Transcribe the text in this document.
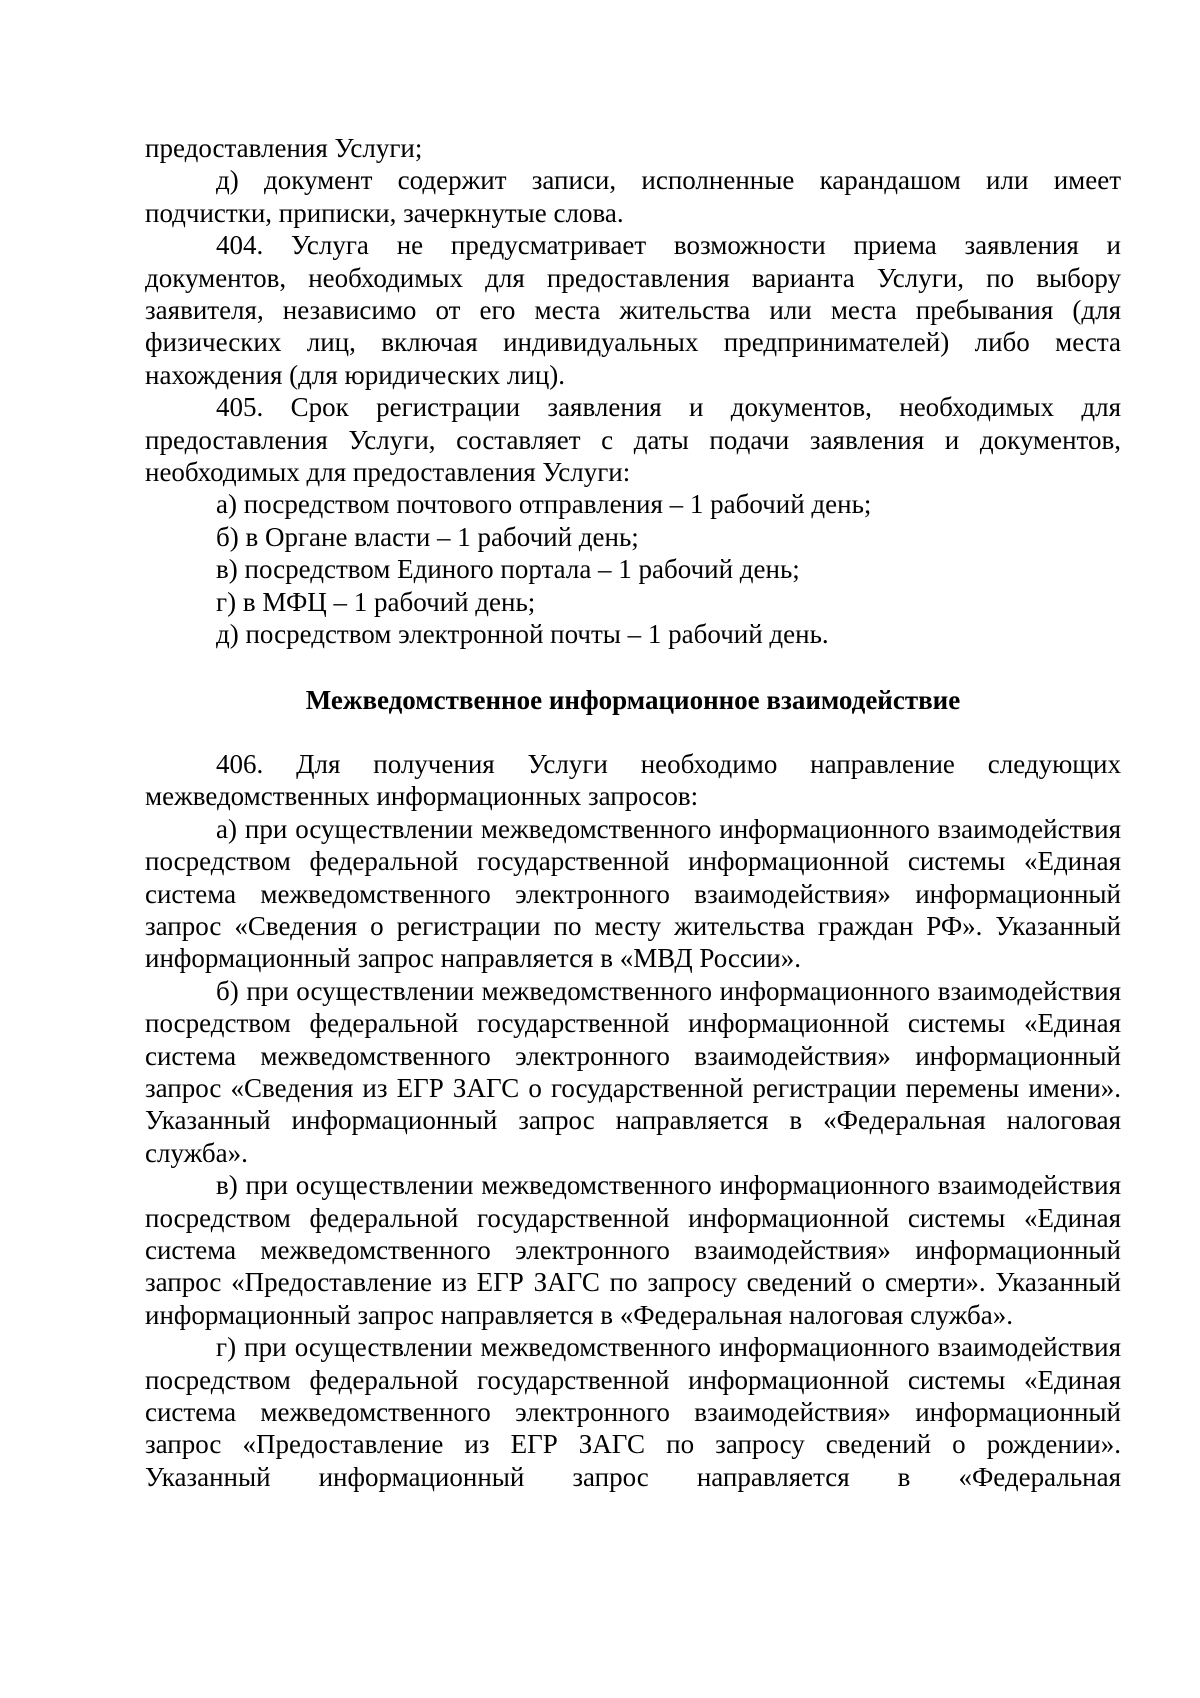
предоставления Услуги;

д) документ содержит записи, исполненные карандашом или имеет подчистки, приписки, зачеркнутые слова.

404. Услуга не предусматривает возможности приема заявления и документов, необходимых для предоставления варианта Услуги, по выбору заявителя, независимо от его места жительства или места пребывания (для физических лиц, включая индивидуальных предпринимателей) либо места нахождения (для юридических лиц).

405. Срок регистрации заявления и документов, необходимых для предоставления Услуги, составляет с даты подачи заявления и документов, необходимых для предоставления Услуги:

а) посредством почтового отправления – 1 рабочий день;

б) в Органе власти – 1 рабочий день;

в) посредством Единого портала – 1 рабочий день;

г) в МФЦ – 1 рабочий день;

д) посредством электронной почты – 1 рабочий день.

Межведомственное информационное взаимодействие

406. Для получения Услуги необходимо направление следующих межведомственных информационных запросов:

а) при осуществлении межведомственного информационного взаимодействия посредством федеральной государственной информационной системы «Единая система межведомственного электронного взаимодействия» информационный запрос «Сведения о регистрации по месту жительства граждан РФ». Указанный информационный запрос направляется в «МВД России».

б) при осуществлении межведомственного информационного взаимодействия посредством федеральной государственной информационной системы «Единая система межведомственного электронного взаимодействия» информационный запрос «Сведения из ЕГР ЗАГС о государственной регистрации перемены имени». Указанный информационный запрос направляется в «Федеральная налоговая служба».

в) при осуществлении межведомственного информационного взаимодействия посредством федеральной государственной информационной системы «Единая система межведомственного электронного взаимодействия» информационный запрос «Предоставление из ЕГР ЗАГС по запросу сведений о смерти». Указанный информационный запрос направляется в «Федеральная налоговая служба».

г) при осуществлении межведомственного информационного взаимодействия посредством федеральной государственной информационной системы «Единая система межведомственного электронного взаимодействия» информационный запрос «Предоставление из ЕГР ЗАГС по запросу сведений о рождении». Указанный информационный запрос направляется в «Федеральная
